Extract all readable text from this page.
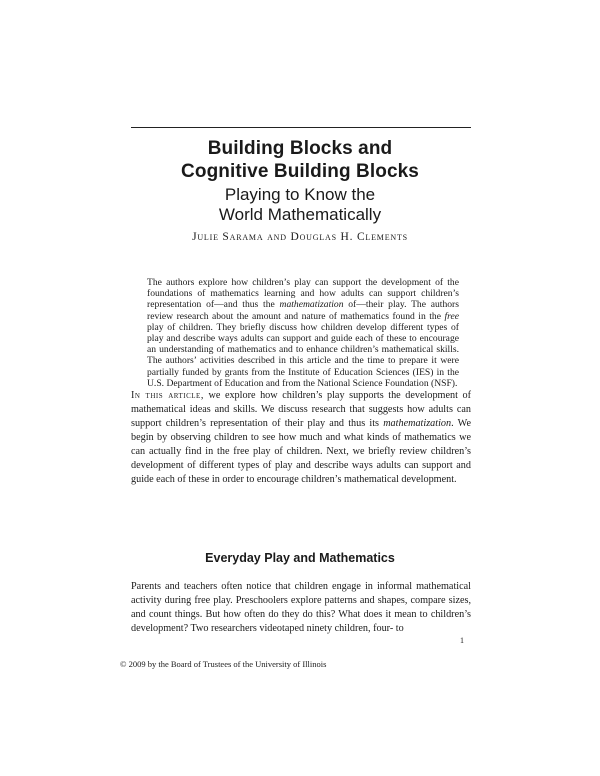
Building Blocks and
Cognitive Building Blocks
Playing to Know the
World Mathematically
Julie Sarama and Douglas H. Clements

The authors explore how children’s play can support the development of the foundations of mathematics learning and how adults can support children’s representation of—and thus the mathematization of—their play. The authors review research about the amount and nature of mathematics found in the free play of children. They briefly discuss how children develop different types of play and describe ways adults can support and guide each of these to encourage an understanding of mathematics and to enhance children’s mathematical skills. The authors’ activities described in this article and the time to prepare it were partially funded by grants from the Institute of Education Sciences (IES) in the U.S. Department of Education and from the National Science Foundation (NSF).

In this article, we explore how children’s play supports the development of mathematical ideas and skills. We discuss research that suggests how adults can support children’s representation of their play and thus its mathematization. We begin by observing children to see how much and what kinds of mathematics we can actually find in the free play of children. Next, we briefly review children’s development of different types of play and describe ways adults can support and guide each of these in order to encourage children’s mathematical development.

Everyday Play and Mathematics

Parents and teachers often notice that children engage in informal mathematical activity during free play. Preschoolers explore patterns and shapes, compare sizes, and count things. But how often do they do this? What does it mean to children’s development? Two researchers videotaped ninety children, four- to

1
© 2009 by the Board of Trustees of the University of Illinois
